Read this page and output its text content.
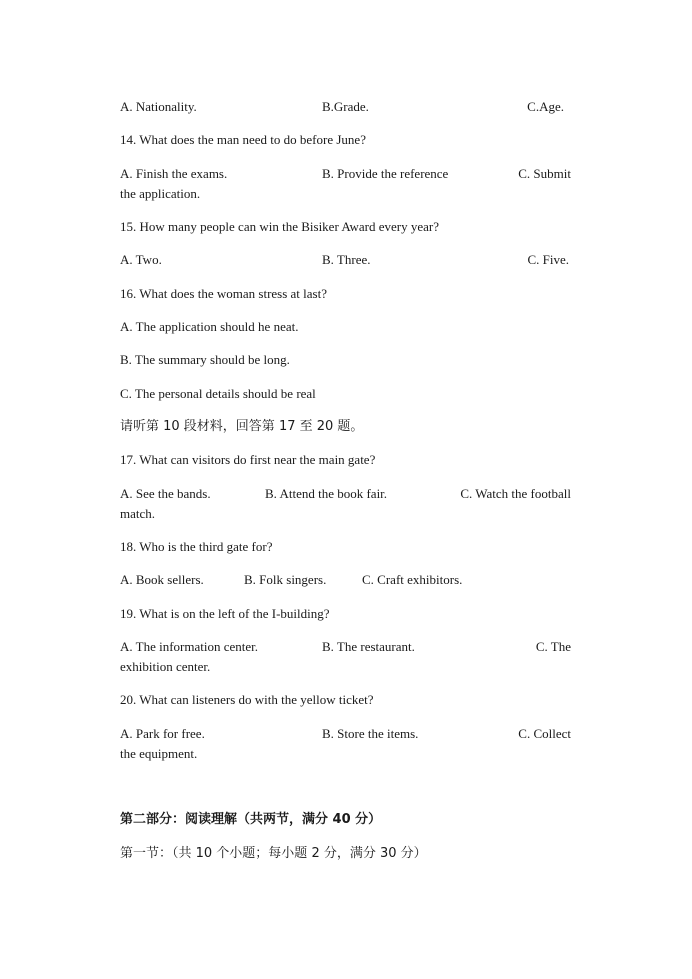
A. Nationality.	B.Grade.	C.Age.
14. What does the man need to do before June?
A. Finish the exams.	B. Provide the reference	C. Submit
the application.
15. How many people can win the Bisiker Award every year?
A. Two.	B. Three.	C. Five.
16. What does the woman stress at last?
A. The application should he neat.
B. The summary should be long.
C. The personal details should be real
请听第 10 段材料，回答第 17 至 20 题。
17. What can visitors do first near the main gate?
A. See the bands.	B. Attend the book fair.	C. Watch the football
match.
18. Who is the third gate for?
A. Book sellers.	B. Folk singers.	C. Craft exhibitors.
19. What is on the left of the I-building?
A. The information center.	B. The restaurant.	C. The
exhibition center.
20. What can listeners do with the yellow ticket?
A. Park for free.	B. Store the items.	C. Collect
the equipment.
第二部分：阅读理解（共两节，满分 40 分）
第一节：（共 10 个小题；每小题 2 分，满分 30 分）
